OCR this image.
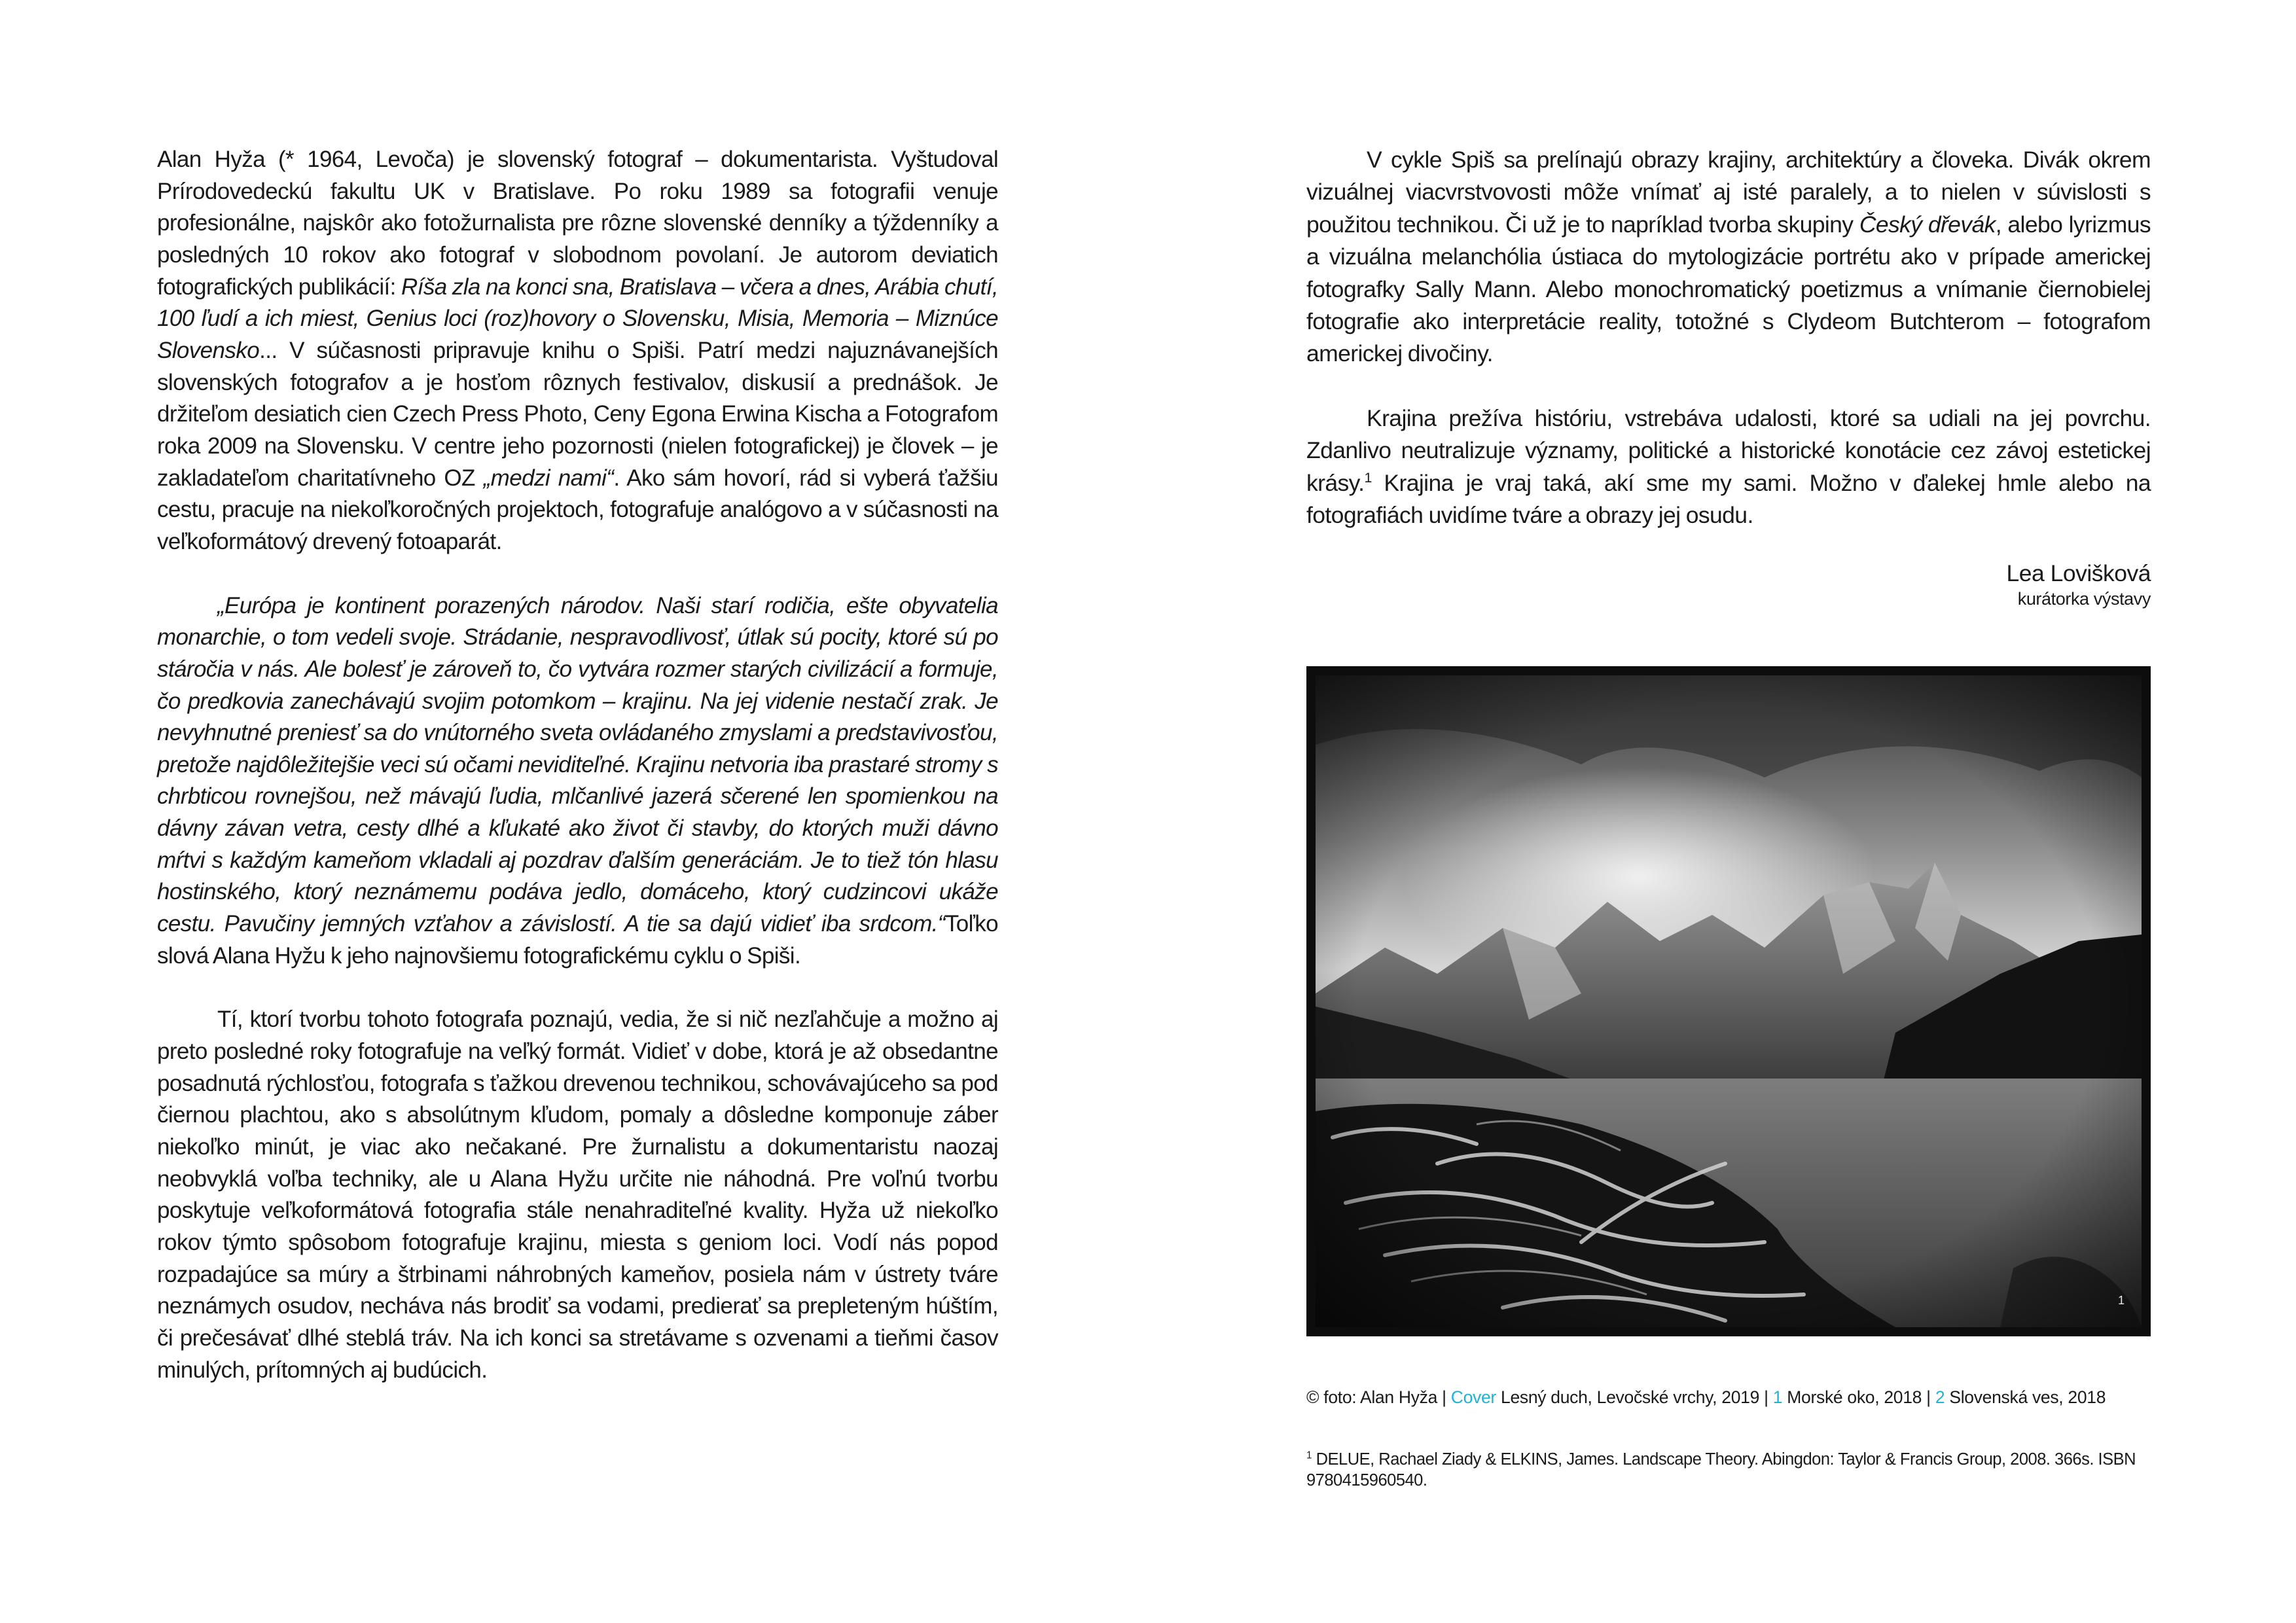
Alan Hyža (* 1964, Levoča) je slovenský fotograf – dokumentarista. Vyštudoval Prírodovedeckú fakultu UK v Bratislave. Po roku 1989 sa fotografii venuje profesionálne, najskôr ako fotožurnalista pre rôzne slovenské denníky a týždenníky a posledných 10 rokov ako fotograf v slobodnom povolaní. Je autorom deviatich fotografických publikácií: Ríša zla na konci sna, Bratislava – včera a dnes, Arábia chutí, 100 ľudí a ich miest, Genius loci (roz)hovory o Slovensku, Misia, Memoria – Miznúce Slovensko... V súčasnosti pripravuje knihu o Spiši. Patrí medzi najuznávanejších slovenských fotografov a je hosťom rôznych festivalov, diskusií a prednášok. Je držiteľom desiatich cien Czech Press Photo, Ceny Egona Erwina Kischa a Fotografom roka 2009 na Slovensku. V centre jeho pozornosti (nielen fotografickej) je človek – je zakladateľom charitatívneho OZ „medzi nami“. Ako sám hovorí, rád si vyberá ťažšiu cestu, pracuje na niekoľkoročných projektoch, fotografuje analógovo a v súčasnosti na veľkoformátový drevený fotoaparát.

„Európa je kontinent porazených národov. Naši starí rodičia, ešte obyvatelia monarchie, o tom vedeli svoje. Strádanie, nespravodlivosť, útlak sú pocity, ktoré sú po stáročia v nás. Ale bolesť je zároveň to, čo vytvára rozmer starých civilizácií a formuje, čo predkovia zanechávajú svojim potomkom – krajinu. Na jej videnie nestačí zrak. Je nevyhnutné preniesť sa do vnútorného sveta ovládaného zmyslami a predstavivosťou, pretože najdôležitejšie veci sú očami neviditeľné. Krajinu netvoria iba prastaré stromy s chrbticou rovnejšou, než mávajú ľudia, mlčanlivé jazerá sčerené len spomienkou na dávny závan vetra, cesty dlhé a kľukaté ako život či stavby, do ktorých muži dávno mŕtvi s každým kameňom vkladali aj pozdrav ďalším generáciám. Je to tiež tón hlasu hostinského, ktorý neznámemu podáva jedlo, domáceho, ktorý cudzincovi ukáže cestu. Pavučiny jemných vzťahov a závislostí. A tie sa dajú vidieť iba srdcom.“Toľko slová Alana Hyžu k jeho najnovšiemu fotografickému cyklu o Spiši.

Tí, ktorí tvorbu tohoto fotografa poznajú, vedia, že si nič nezľahčuje a možno aj preto posledné roky fotografuje na veľký formát. Vidieť v dobe, ktorá je až obsedantne posadnutá rýchlosťou, fotografa s ťažkou drevenou technikou, schovávajúceho sa pod čiernou plachtou, ako s absolútnym kľudom, pomaly a dôsledne komponuje záber niekoľko minút, je viac ako nečakané. Pre žurnalistu a dokumentaristu naozaj neobvyklá voľba techniky, ale u Alana Hyžu určite nie náhodná. Pre voľnú tvorbu poskytuje veľkoformátová fotografia stále nenahraditeľné kvality. Hyža už niekoľko rokov týmto spôsobom fotografuje krajinu, miesta s geniom loci. Vodí nás popod rozpadajúce sa múry a štrbinami náhrobných kameňov, posiela nám v ústrety tváre neznámych osudov, necháva nás brodiť sa vodami, predierať sa prepleteným húštím, či prečesávať dlhé steblá tráv. Na ich konci sa stretávame s ozvenami a tieňmi časov minulých, prítomných aj budúcich.

V cykle Spiš sa prelínajú obrazy krajiny, architektúry a človeka. Divák okrem vizuálnej viacvrstvovosti môže vnímať aj isté paralely, a to nielen v súvislosti s použitou technikou. Či už je to napríklad tvorba skupiny Český dřevák, alebo lyrizmus a vizuálna melanchólia ústiaca do mytologizácie portrétu ako v prípade americkej fotografky Sally Mann. Alebo monochromatický poetizmus a vnímanie čiernobielej fotografie ako interpretácie reality, totožné s Clydeom Butchterom – fotografom americkej divočiny.

Krajina prežíva históriu, vstrebáva udalosti, ktoré sa udiali na jej povrchu. Zdanlivo neutralizuje významy, politické a historické konotácie cez závoj estetickej krásy.$^1$ Krajina je vraj taká, akí sme my sami. Možno v ďalekej hmle alebo na fotografiách uvidíme tváre a obrazy jej osudu.

Lea Lovišková
kurátorka výstavy
1
© foto: Alan Hyža | Cover Lesný duch, Levočské vrchy, 2019 | 1 Morské oko, 2018 | 2 Slovenská ves, 2018
$^1$ DELUE, Rachael Ziady & ELKINS, James. Landscape Theory. Abingdon: Taylor & Francis Group, 2008. 366s. ISBN 9780415960540.
